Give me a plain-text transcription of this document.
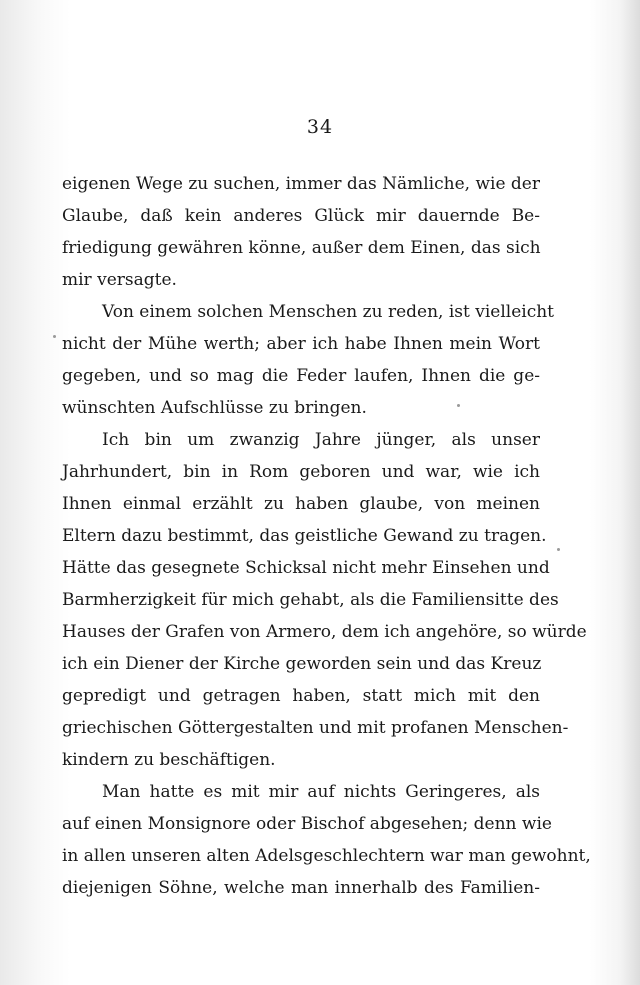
34
eigenen Wege zu suchen, immer das Nämliche, wie der
Glaube, daß kein anderes Glück mir dauernde Be-
friedigung gewähren könne, außer dem Einen, das sich
mir versagte.
Von einem solchen Menschen zu reden, ist vielleicht
nicht der Mühe werth; aber ich habe Ihnen mein Wort
gegeben, und so mag die Feder laufen, Ihnen die ge-
wünschten Aufschlüsse zu bringen.
Ich bin um zwanzig Jahre jünger, als unser
Jahrhundert, bin in Rom geboren und war, wie ich
Ihnen einmal erzählt zu haben glaube, von meinen
Eltern dazu bestimmt, das geistliche Gewand zu tragen.
Hätte das gesegnete Schicksal nicht mehr Einsehen und
Barmherzigkeit für mich gehabt, als die Familiensitte des
Hauses der Grafen von Armero, dem ich angehöre, so würde
ich ein Diener der Kirche geworden sein und das Kreuz
gepredigt und getragen haben, statt mich mit den
griechischen Göttergestalten und mit profanen Menschen-
kindern zu beschäftigen.
Man hatte es mit mir auf nichts Geringeres, als
auf einen Monsignore oder Bischof abgesehen; denn wie
in allen unseren alten Adelsgeschlechtern war man gewohnt,
diejenigen Söhne, welche man innerhalb des Familien-
